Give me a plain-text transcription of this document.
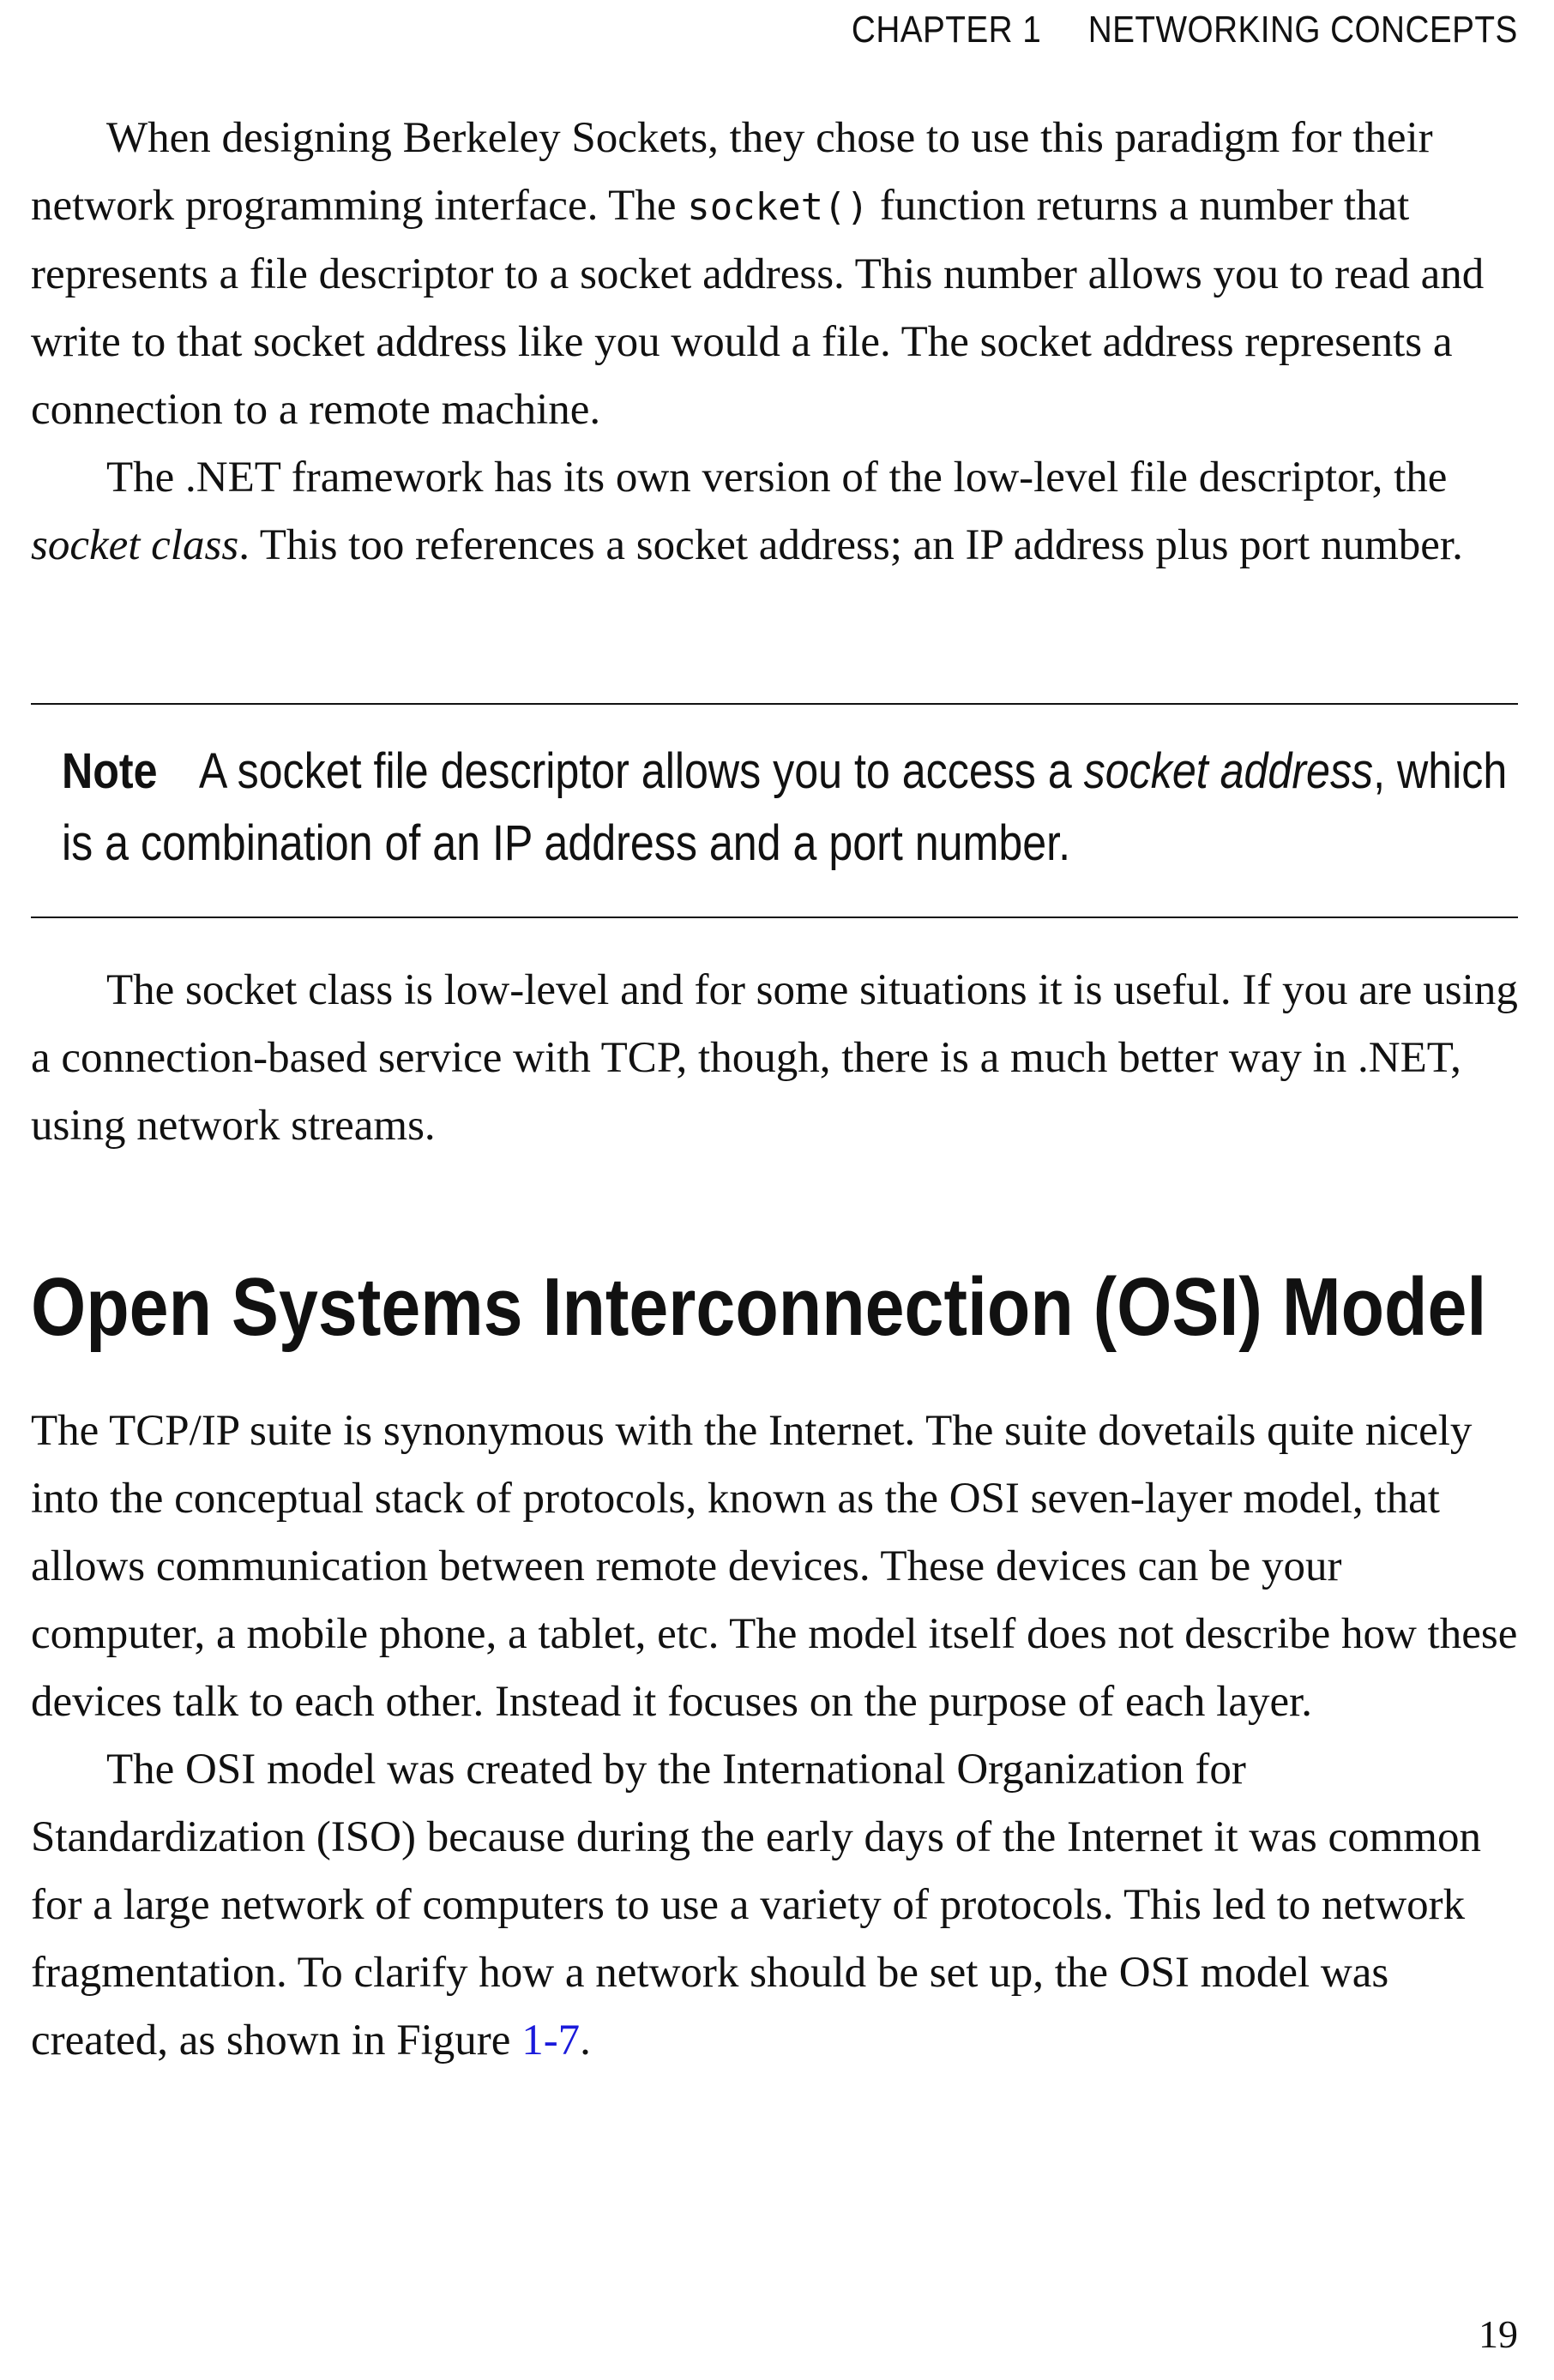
CHAPTER 1 NETWORKING CONCEPTS

When designing Berkeley Sockets, they chose to use this paradigm for their network programming interface. The socket() function returns a number that represents a file descriptor to a socket address. This number allows you to read and write to that socket address like you would a file. The socket address represents a connection to a remote machine.

The .NET framework has its own version of the low-level file descriptor, the socket class. This too references a socket address; an IP address plus port number.

Note A socket file descriptor allows you to access a socket address, which is a combination of an IP address and a port number.

The socket class is low-level and for some situations it is useful. If you are using a connection-based service with TCP, though, there is a much better way in .NET, using network streams.

Open Systems Interconnection (OSI) Model

The TCP/IP suite is synonymous with the Internet. The suite dovetails quite nicely into the conceptual stack of protocols, known as the OSI seven-layer model, that allows communication between remote devices. These devices can be your computer, a mobile phone, a tablet, etc. The model itself does not describe how these devices talk to each other. Instead it focuses on the purpose of each layer.

The OSI model was created by the International Organization for Standardization (ISO) because during the early days of the Internet it was common for a large network of computers to use a variety of protocols. This led to network fragmentation. To clarify how a network should be set up, the OSI model was created, as shown in Figure 1-7.

19
